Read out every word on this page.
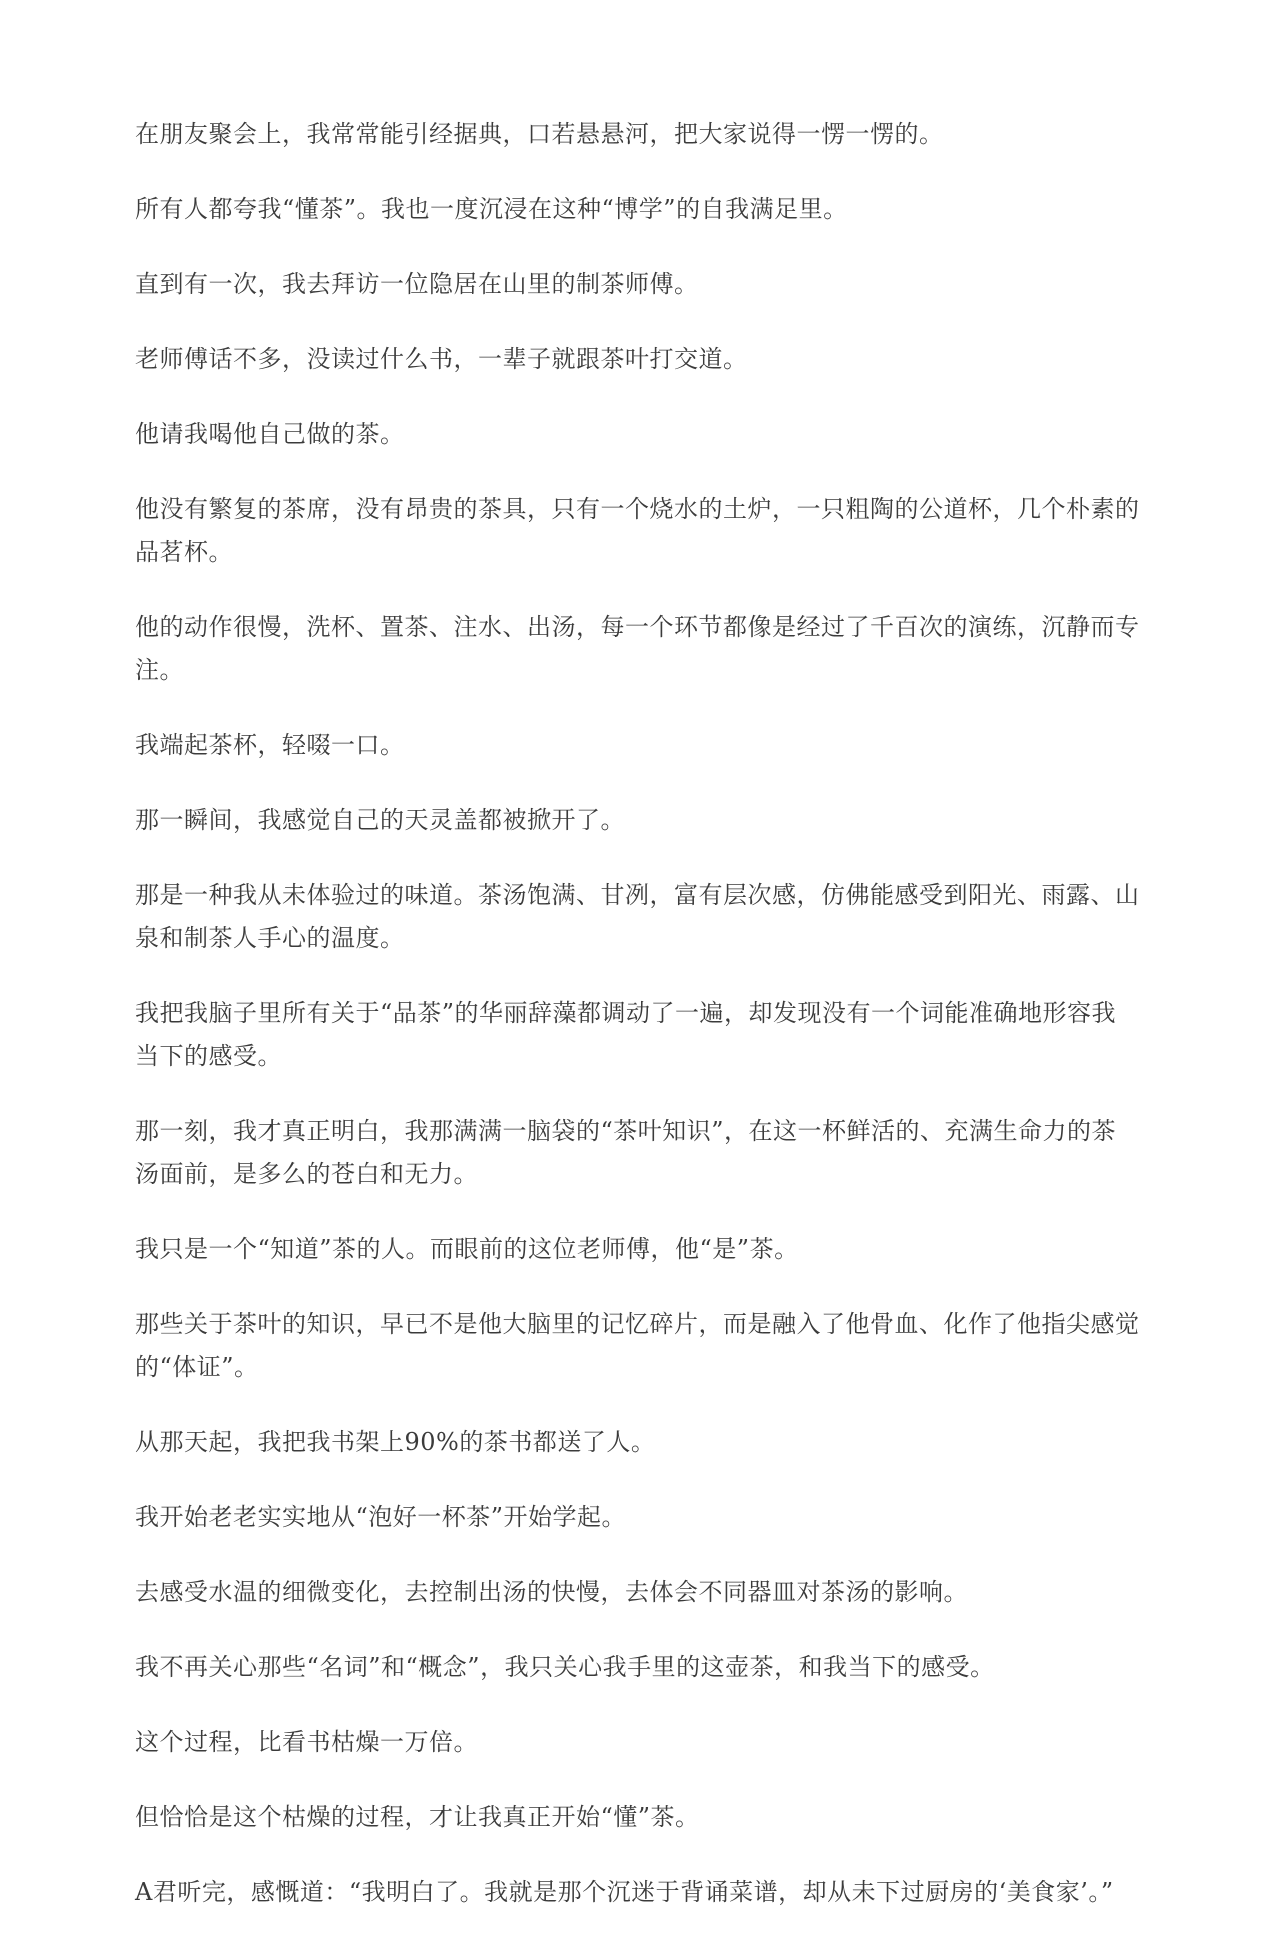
在朋友聚会上，我常常能引经据典，口若悬悬河，把大家说得一愣一愣的。

所有人都夸我“懂茶”。我也一度沉浸在这种“博学”的自我满足里。

直到有一次，我去拜访一位隐居在山里的制茶师傅。

老师傅话不多，没读过什么书，一辈子就跟茶叶打交道。

他请我喝他自己做的茶。

他没有繁复的茶席，没有昂贵的茶具，只有一个烧水的土炉，一只粗陶的公道杯，几个朴素的品茗杯。

他的动作很慢，洗杯、置茶、注水、出汤，每一个环节都像是经过了千百次的演练，沉静而专注。

我端起茶杯，轻啜一口。

那一瞬间，我感觉自己的天灵盖都被掀开了。

那是一种我从未体验过的味道。茶汤饱满、甘冽，富有层次感，仿佛能感受到阳光、雨露、山泉和制茶人手心的温度。

我把我脑子里所有关于“品茶”的华丽辞藻都调动了一遍，却发现没有一个词能准确地形容我当下的感受。

那一刻，我才真正明白，我那满满一脑袋的“茶叶知识”，在这一杯鲜活的、充满生命力的茶汤面前，是多么的苍白和无力。

我只是一个“知道”茶的人。而眼前的这位老师傅，他“是”茶。

那些关于茶叶的知识，早已不是他大脑里的记忆碎片，而是融入了他骨血、化作了他指尖感觉的“体证”。

从那天起，我把我书架上90%的茶书都送了人。

我开始老老实实地从“泡好一杯茶”开始学起。

去感受水温的细微变化，去控制出汤的快慢，去体会不同器皿对茶汤的影响。

我不再关心那些“名词”和“概念”，我只关心我手里的这壶茶，和我当下的感受。

这个过程，比看书枯燥一万倍。

但恰恰是这个枯燥的过程，才让我真正开始“懂”茶。

A君听完，感慨道：“我明白了。我就是那个沉迷于背诵菜谱，却从未下过厨房的‘美食家’。”
